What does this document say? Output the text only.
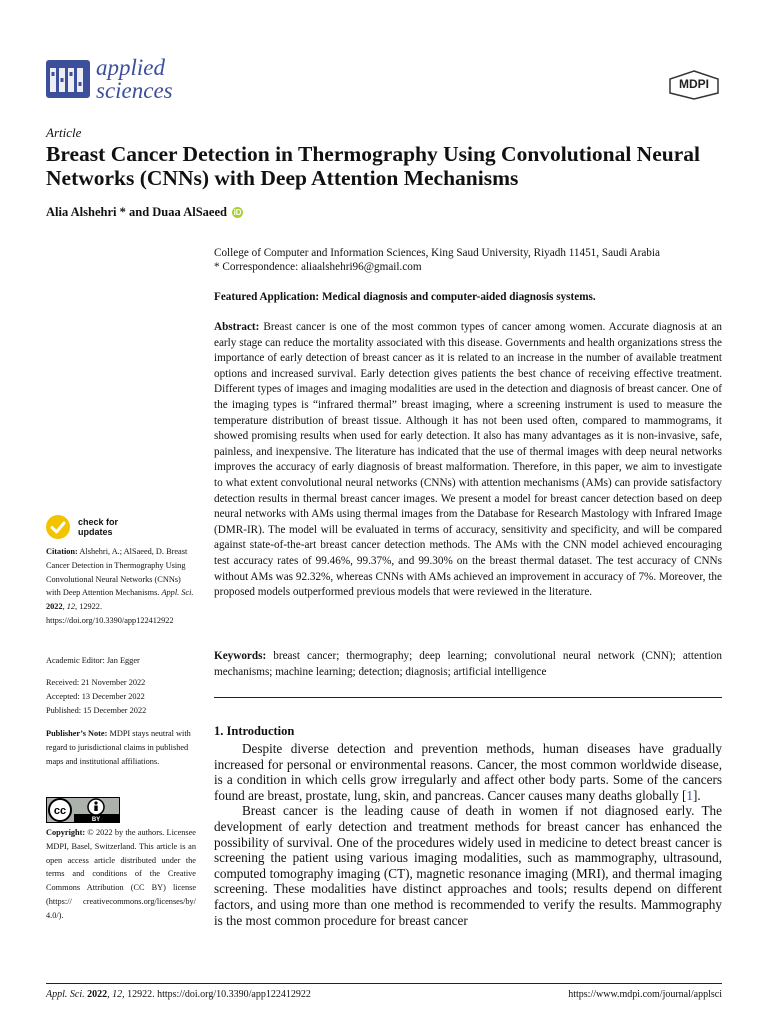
applied
sciences	MDPI
Article
Breast Cancer Detection in Thermography Using Convolutional Neural Networks (CNNs) with Deep Attention Mechanisms
Alia Alshehri * and Duaa AlSaeed iD
College of Computer and Information Sciences, King Saud University, Riyadh 11451, Saudi Arabia
* Correspondence: aliaalshehri96@gmail.com
Featured Application: Medical diagnosis and computer-aided diagnosis systems.
Abstract: Breast cancer is one of the most common types of cancer among women. Accurate diagnosis at an early stage can reduce the mortality associated with this disease. Governments and health organizations stress the importance of early detection of breast cancer as it is related to an increase in the number of available treatment options and increased survival. Early detection gives patients the best chance of receiving effective treatment. Different types of images and imaging modalities are used in the detection and diagnosis of breast cancer. One of the imaging types is “infrared thermal” breast imaging, where a screening instrument is used to measure the temperature distribution of breast tissue. Although it has not been used often, compared to mammograms, it showed promising results when used for early detection. It also has many advantages as it is non-invasive, safe, painless, and inexpensive. The literature has indicated that the use of thermal images with deep neural networks improves the accuracy of early diagnosis of breast malformation. Therefore, in this paper, we aim to investigate to what extent convolutional neural networks (CNNs) with attention mechanisms (AMs) can provide satisfactory detection results in thermal breast cancer images. We present a model for breast cancer detection based on deep neural networks with AMs using thermal images from the Database for Research Mastology with Infrared Image (DMR-IR). The model will be evaluated in terms of accuracy, sensitivity and specificity, and will be compared against state-of-the-art breast cancer detection methods. The AMs with the CNN model achieved encouraging test accuracy rates of 99.46%, 99.37%, and 99.30% on the breast thermal dataset. The test accuracy of CNNs without AMs was 92.32%, whereas CNNs with AMs achieved an improvement in accuracy of 7%. Moreover, the proposed models outperformed previous models that were reviewed in the literature.
Keywords: breast cancer; thermography; deep learning; convolutional neural network (CNN); attention mechanisms; machine learning; detection; diagnosis; artificial intelligence
check for
updates
Citation: Alshehri, A.; AlSaeed, D. Breast Cancer Detection in Thermography Using Convolutional Neural Networks (CNNs) with Deep Attention Mechanisms. Appl. Sci. 2022, 12, 12922. https://doi.org/10.3390/app122412922
Academic Editor: Jan Egger
Received: 21 November 2022
Accepted: 13 December 2022
Published: 15 December 2022
Publisher’s Note: MDPI stays neutral with regard to jurisdictional claims in published maps and institutional affiliations.
cc
BY
Copyright: © 2022 by the authors. Licensee MDPI, Basel, Switzerland. This article is an open access article distributed under the terms and conditions of the Creative Commons Attribution (CC BY) license (https:// creativecommons.org/licenses/by/ 4.0/).
1. Introduction

Despite diverse detection and prevention methods, human diseases have gradually increased for personal or environmental reasons. Cancer, the most common worldwide disease, is a condition in which cells grow irregularly and affect other body parts. Some of the cancers found are breast, prostate, lung, skin, and pancreas. Cancer causes many deaths globally [1].

Breast cancer is the leading cause of death in women if not diagnosed early. The development of early detection and treatment methods for breast cancer has enhanced the possibility of survival. One of the procedures widely used in medicine to detect breast cancer is screening the patient using various imaging modalities, such as mammography, ultrasound, computed tomography imaging (CT), magnetic resonance imaging (MRI), and thermal imaging screening. These modalities have distinct approaches and tools; results depend on different factors, and using more than one method is recommended to verify the results. Mammography is the most common procedure for breast cancer

Appl. Sci. 2022, 12, 12922. https://doi.org/10.3390/app122412922	https://www.mdpi.com/journal/applsci
